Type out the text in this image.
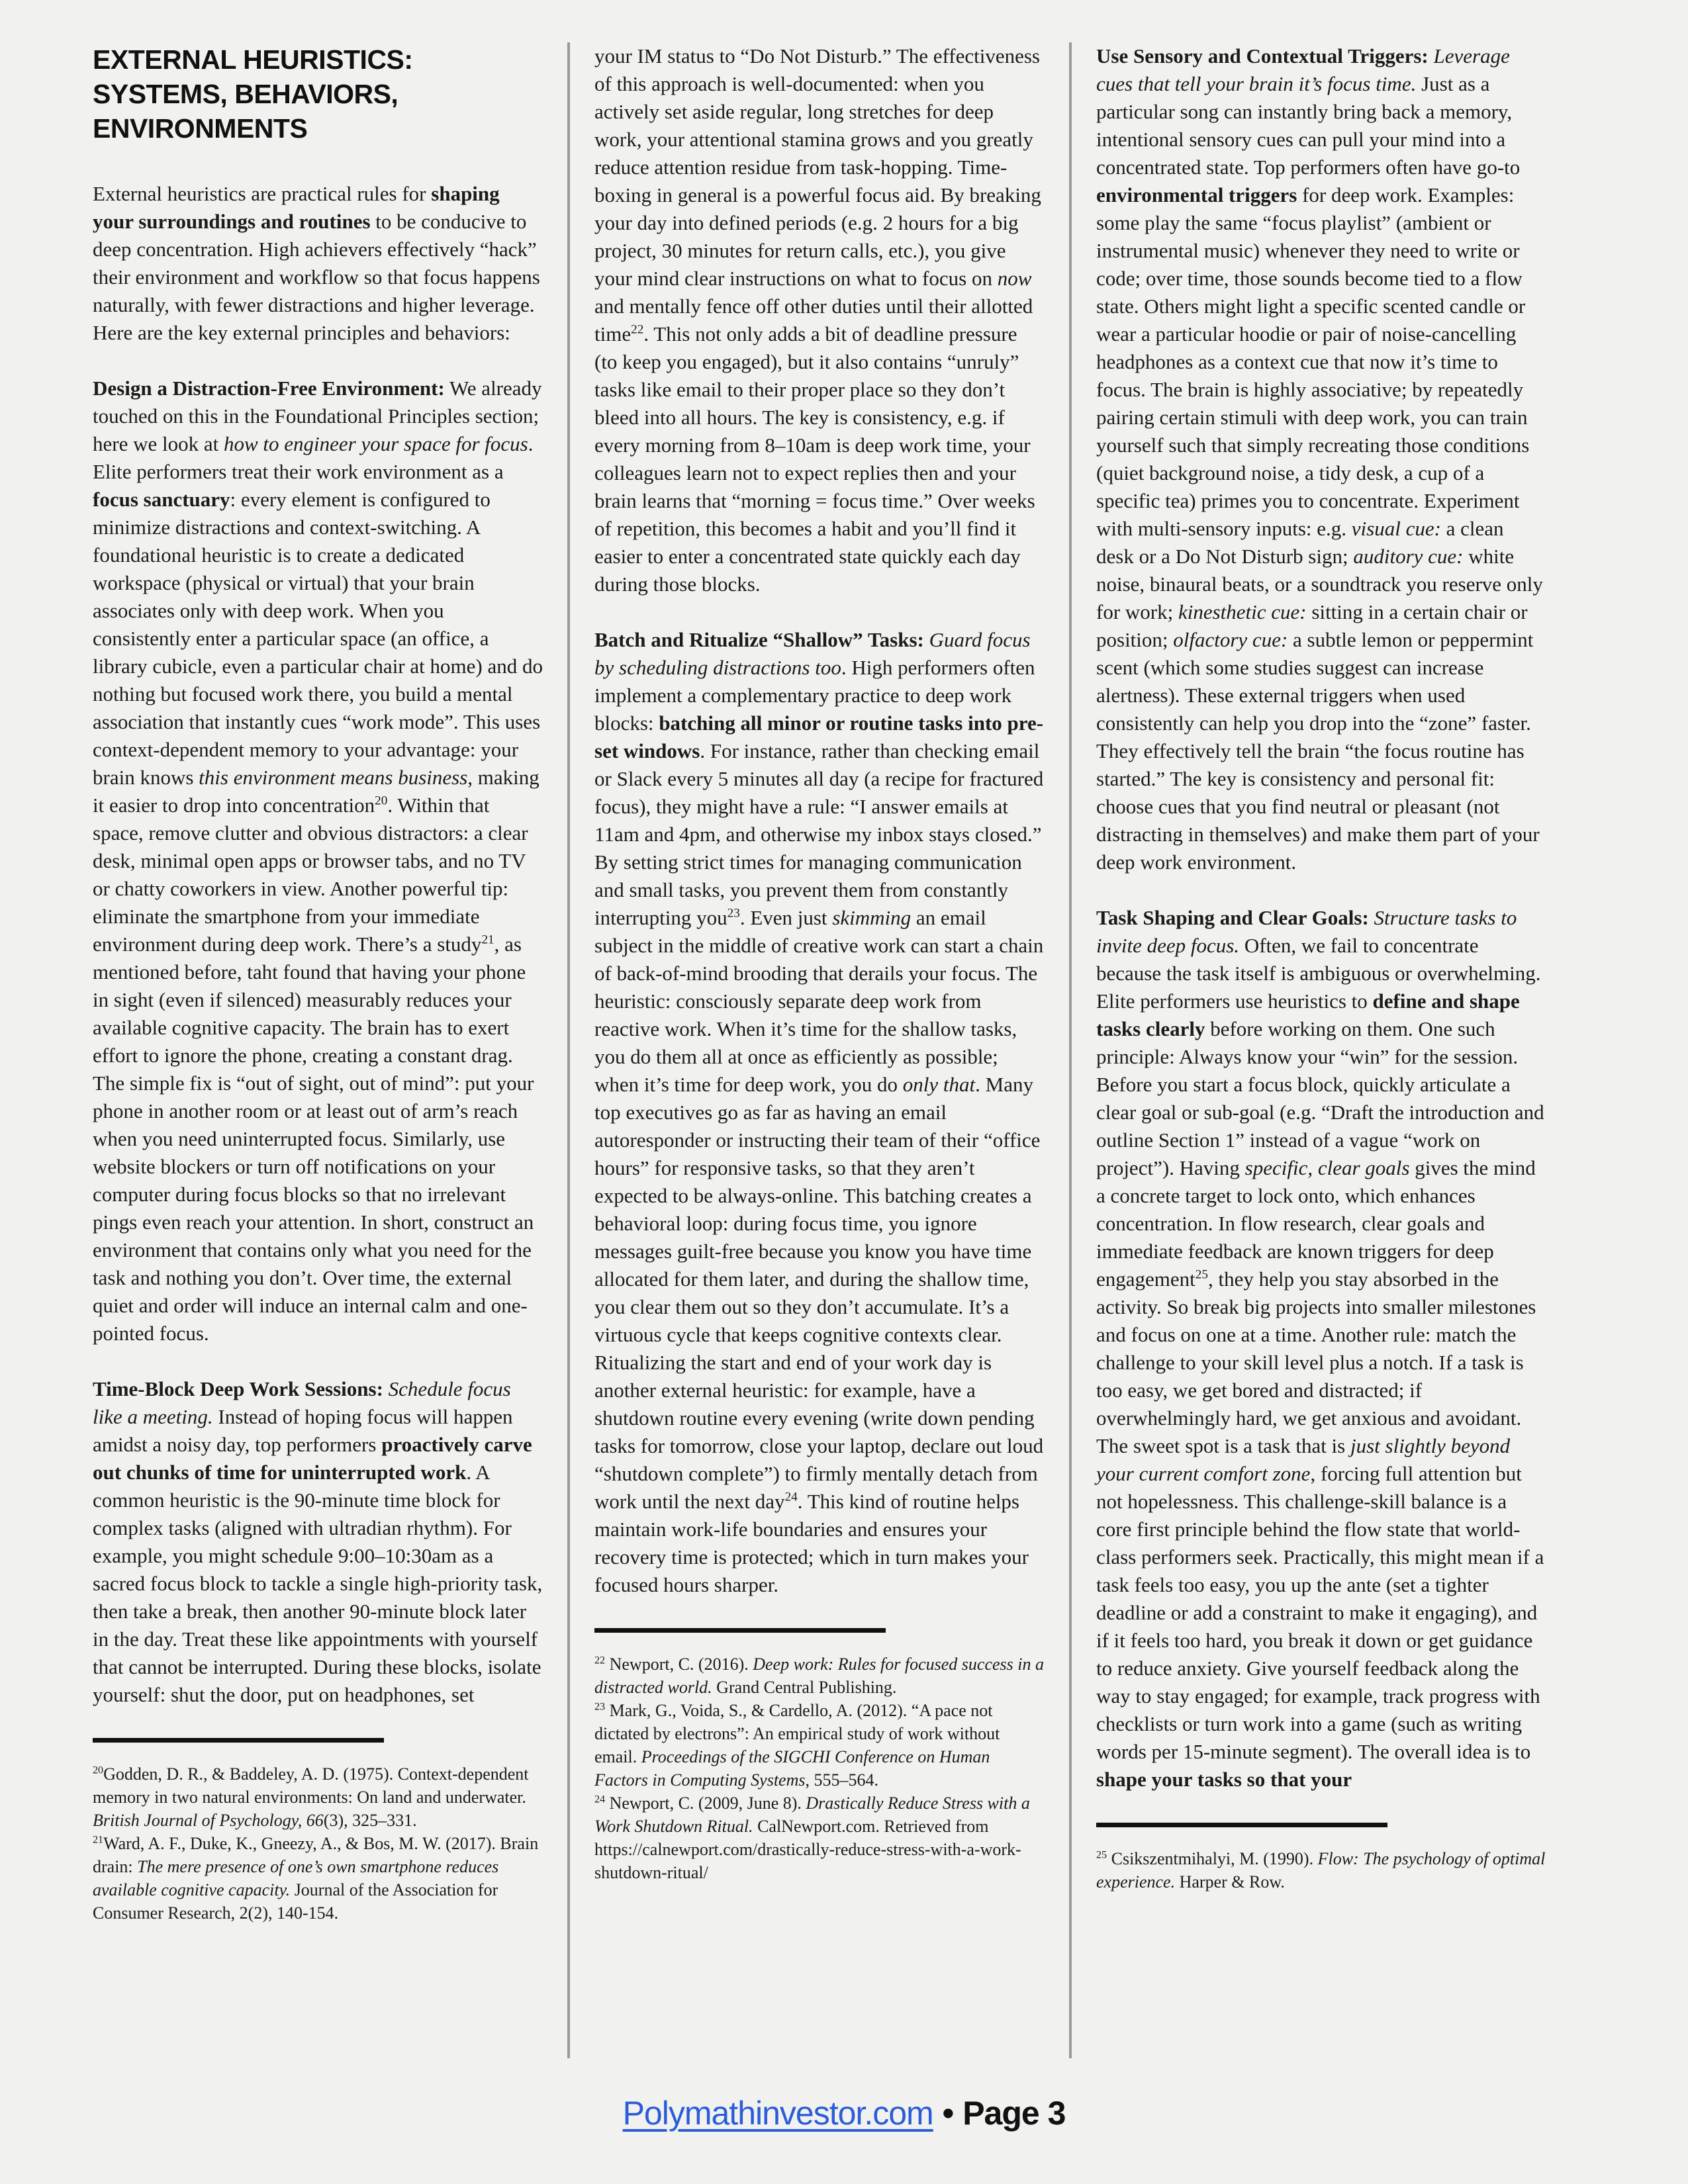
EXTERNAL HEURISTICS: SYSTEMS, BEHAVIORS, ENVIRONMENTS

External heuristics are practical rules for shaping your surroundings and routines to be conducive to deep concentration. High achievers effectively “hack” their environment and workflow so that focus happens naturally, with fewer distractions and higher leverage. Here are the key external principles and behaviors:

Design a Distraction-Free Environment: We already touched on this in the Foundational Principles section; here we look at how to engineer your space for focus. Elite performers treat their work environment as a focus sanctuary: every element is configured to minimize distractions and context-switching. A foundational heuristic is to create a dedicated workspace (physical or virtual) that your brain associates only with deep work. When you consistently enter a particular space (an office, a library cubicle, even a particular chair at home) and do nothing but focused work there, you build a mental association that instantly cues “work mode”. This uses context-dependent memory to your advantage: your brain knows this environment means business, making it easier to drop into concentration$^{20}$. Within that space, remove clutter and obvious distractors: a clear desk, minimal open apps or browser tabs, and no TV or chatty coworkers in view. Another powerful tip: eliminate the smartphone from your immediate environment during deep work. There’s a study$^{21}$, as mentioned before, taht found that having your phone in sight (even if silenced) measurably reduces your available cognitive capacity. The brain has to exert effort to ignore the phone, creating a constant drag. The simple fix is “out of sight, out of mind”: put your phone in another room or at least out of arm’s reach when you need uninterrupted focus. Similarly, use website blockers or turn off notifications on your computer during focus blocks so that no irrelevant pings even reach your attention. In short, construct an environment that contains only what you need for the task and nothing you don’t. Over time, the external quiet and order will induce an internal calm and one-pointed focus.

Time-Block Deep Work Sessions: Schedule focus like a meeting. Instead of hoping focus will happen amidst a noisy day, top performers proactively carve out chunks of time for uninterrupted work. A common heuristic is the 90-minute time block for complex tasks (aligned with ultradian rhythm). For example, you might schedule 9:00–10:30am as a sacred focus block to tackle a single high-priority task, then take a break, then another 90-minute block later in the day. Treat these like appointments with yourself that cannot be interrupted. During these blocks, isolate yourself: shut the door, put on headphones, set

$^{20}$Godden, D. R., & Baddeley, A. D. (1975). Context-dependent memory in two natural environments: On land and underwater. British Journal of Psychology, 66(3), 325–331.

$^{21}$Ward, A. F., Duke, K., Gneezy, A., & Bos, M. W. (2017). Brain drain: The mere presence of one’s own smartphone reduces available cognitive capacity. Journal of the Association for Consumer Research, 2(2), 140-154.

your IM status to “Do Not Disturb.” The effectiveness of this approach is well-documented: when you actively set aside regular, long stretches for deep work, your attentional stamina grows and you greatly reduce attention residue from task-hopping. Time-boxing in general is a powerful focus aid. By breaking your day into defined periods (e.g. 2 hours for a big project, 30 minutes for return calls, etc.), you give your mind clear instructions on what to focus on now and mentally fence off other duties until their allotted time$^{22}$. This not only adds a bit of deadline pressure (to keep you engaged), but it also contains “unruly” tasks like email to their proper place so they don’t bleed into all hours. The key is consistency, e.g. if every morning from 8–10am is deep work time, your colleagues learn not to expect replies then and your brain learns that “morning = focus time.” Over weeks of repetition, this becomes a habit and you’ll find it easier to enter a concentrated state quickly each day during those blocks.

Batch and Ritualize “Shallow” Tasks: Guard focus by scheduling distractions too. High performers often implement a complementary practice to deep work blocks: batching all minor or routine tasks into pre-set windows. For instance, rather than checking email or Slack every 5 minutes all day (a recipe for fractured focus), they might have a rule: “I answer emails at 11am and 4pm, and otherwise my inbox stays closed.” By setting strict times for managing communication and small tasks, you prevent them from constantly interrupting you$^{23}$. Even just skimming an email subject in the middle of creative work can start a chain of back-of-mind brooding that derails your focus. The heuristic: consciously separate deep work from reactive work. When it’s time for the shallow tasks, you do them all at once as efficiently as possible; when it’s time for deep work, you do only that. Many top executives go as far as having an email autoresponder or instructing their team of their “office hours” for responsive tasks, so that they aren’t expected to be always-online. This batching creates a behavioral loop: during focus time, you ignore messages guilt-free because you know you have time allocated for them later, and during the shallow time, you clear them out so they don’t accumulate. It’s a virtuous cycle that keeps cognitive contexts clear. Ritualizing the start and end of your work day is another external heuristic: for example, have a shutdown routine every evening (write down pending tasks for tomorrow, close your laptop, declare out loud “shutdown complete”) to firmly mentally detach from work until the next day$^{24}$. This kind of routine helps maintain work-life boundaries and ensures your recovery time is protected; which in turn makes your focused hours sharper.

$^{22}$ Newport, C. (2016). Deep work: Rules for focused success in a distracted world. Grand Central Publishing.

$^{23}$ Mark, G., Voida, S., & Cardello, A. (2012). “A pace not dictated by electrons”: An empirical study of work without email. Proceedings of the SIGCHI Conference on Human Factors in Computing Systems, 555–564.

$^{24}$ Newport, C. (2009, June 8). Drastically Reduce Stress with a Work Shutdown Ritual. CalNewport.com. Retrieved from https://calnewport.com/drastically-reduce-stress-with-a-work-shutdown-ritual/

Use Sensory and Contextual Triggers: Leverage cues that tell your brain it’s focus time. Just as a particular song can instantly bring back a memory, intentional sensory cues can pull your mind into a concentrated state. Top performers often have go-to environmental triggers for deep work. Examples: some play the same “focus playlist” (ambient or instrumental music) whenever they need to write or code; over time, those sounds become tied to a flow state. Others might light a specific scented candle or wear a particular hoodie or pair of noise-cancelling headphones as a context cue that now it’s time to focus. The brain is highly associative; by repeatedly pairing certain stimuli with deep work, you can train yourself such that simply recreating those conditions (quiet background noise, a tidy desk, a cup of a specific tea) primes you to concentrate. Experiment with multi-sensory inputs: e.g. visual cue: a clean desk or a Do Not Disturb sign; auditory cue: white noise, binaural beats, or a soundtrack you reserve only for work; kinesthetic cue: sitting in a certain chair or position; olfactory cue: a subtle lemon or peppermint scent (which some studies suggest can increase alertness). These external triggers when used consistently can help you drop into the “zone” faster. They effectively tell the brain “the focus routine has started.” The key is consistency and personal fit: choose cues that you find neutral or pleasant (not distracting in themselves) and make them part of your deep work environment.

Task Shaping and Clear Goals: Structure tasks to invite deep focus. Often, we fail to concentrate because the task itself is ambiguous or overwhelming. Elite performers use heuristics to define and shape tasks clearly before working on them. One such principle: Always know your “win” for the session. Before you start a focus block, quickly articulate a clear goal or sub-goal (e.g. “Draft the introduction and outline Section 1” instead of a vague “work on project”). Having specific, clear goals gives the mind a concrete target to lock onto, which enhances concentration. In flow research, clear goals and immediate feedback are known triggers for deep engagement$^{25}$, they help you stay absorbed in the activity. So break big projects into smaller milestones and focus on one at a time. Another rule: match the challenge to your skill level plus a notch. If a task is too easy, we get bored and distracted; if overwhelmingly hard, we get anxious and avoidant. The sweet spot is a task that is just slightly beyond your current comfort zone, forcing full attention but not hopelessness. This challenge-skill balance is a core first principle behind the flow state that world-class performers seek. Practically, this might mean if a task feels too easy, you up the ante (set a tighter deadline or add a constraint to make it engaging), and if it feels too hard, you break it down or get guidance to reduce anxiety. Give yourself feedback along the way to stay engaged; for example, track progress with checklists or turn work into a game (such as writing words per 15-minute segment). The overall idea is to shape your tasks so that your

$^{25}$ Csikszentmihalyi, M. (1990). Flow: The psychology of optimal experience. Harper & Row.

Polymathinvestor.com • Page 3
